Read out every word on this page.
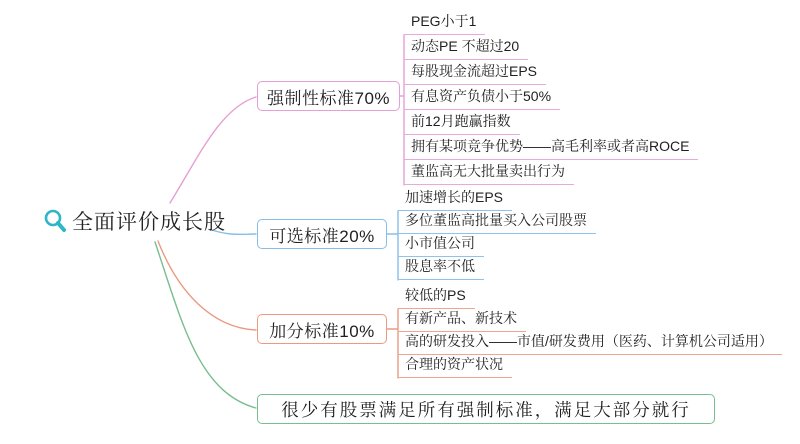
全面评价成长股
强制性标准70%
可选标准20%
加分标准10%
很少有股票满足所有强制标准，满足大部分就行
PEG小于1
动态PE 不超过20
每股现金流超过EPS
有息资产负债小于50%
前12月跑赢指数
拥有某项竞争优势——高毛利率或者高ROCE
董监高无大批量卖出行为
加速增长的EPS
多位董监高批量买入公司股票
小市值公司
股息率不低
较低的PS
有新产品、新技术
高的研发投入——市值/研发费用（医药、计算机公司适用）
合理的资产状况
